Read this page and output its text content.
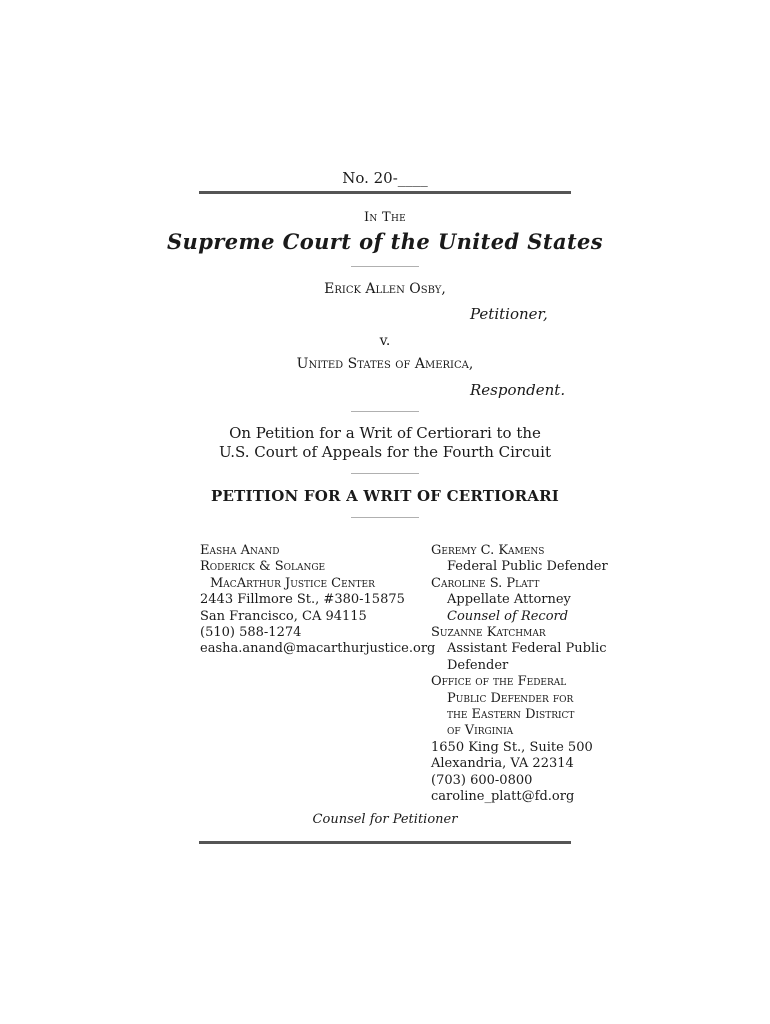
No. 20-____
In The
Supreme Court of the United States
Erick Allen Osby,
Petitioner,
v.
United States of America,
Respondent.
On Petition for a Writ of Certiorari to the
U.S. Court of Appeals for the Fourth Circuit
PETITION FOR A WRIT OF CERTIORARI
Easha Anand
Roderick & Solange
MacArthur Justice Center
2443 Fillmore St., #380-15875
San Francisco, CA 94115
(510) 588-1274
easha.anand@macarthurjustice.org
Geremy C. Kamens
Federal Public Defender
Caroline S. Platt
Appellate Attorney
Counsel of Record
Suzanne Katchmar
Assistant Federal Public
Defender
Office of the Federal
Public Defender for
the Eastern District
of Virginia
1650 King St., Suite 500
Alexandria, VA 22314
(703) 600-0800
caroline_platt@fd.org
Counsel for Petitioner
